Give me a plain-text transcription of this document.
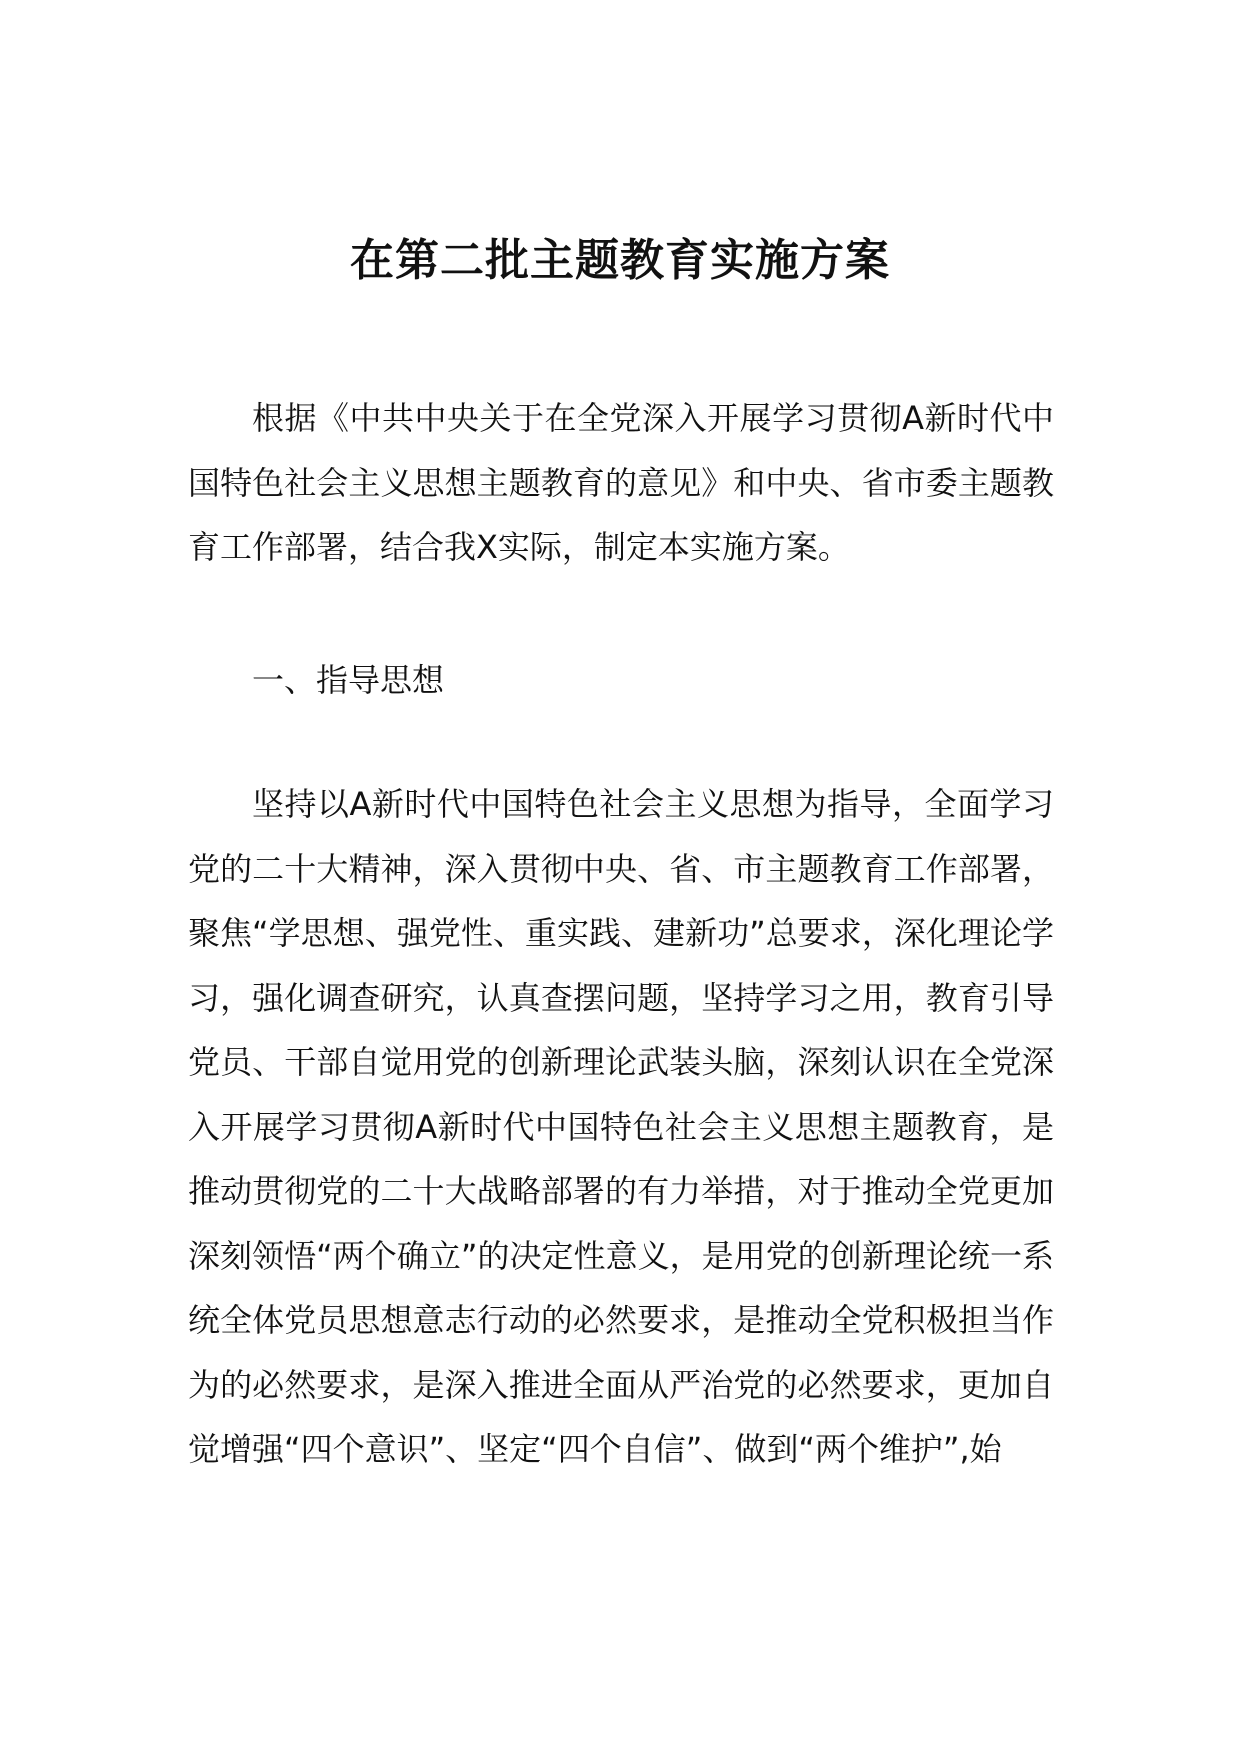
在第二批主题教育实施方案

根据《中共中央关于在全党深入开展学习贯彻A新时代中国特色社会主义思想主题教育的意见》和中央、省市委主题教育工作部署，结合我X实际，制定本实施方案。

一、指导思想

坚持以A新时代中国特色社会主义思想为指导，全面学习党的二十大精神，深入贯彻中央、省、市主题教育工作部署，聚焦“学思想、强党性、重实践、建新功”总要求，深化理论学习，强化调查研究，认真查摆问题，坚持学习之用，教育引导党员、干部自觉用党的创新理论武装头脑，深刻认识在全党深入开展学习贯彻A新时代中国特色社会主义思想主题教育，是推动贯彻党的二十大战略部署的有力举措，对于推动全党更加深刻领悟“两个确立”的决定性意义，是用党的创新理论统一系统全体党员思想意志行动的必然要求，是推动全党积极担当作为的必然要求，是深入推进全面从严治党的必然要求，更加自觉增强“四个意识”、坚定“四个自信”、做到“两个维护”,始
